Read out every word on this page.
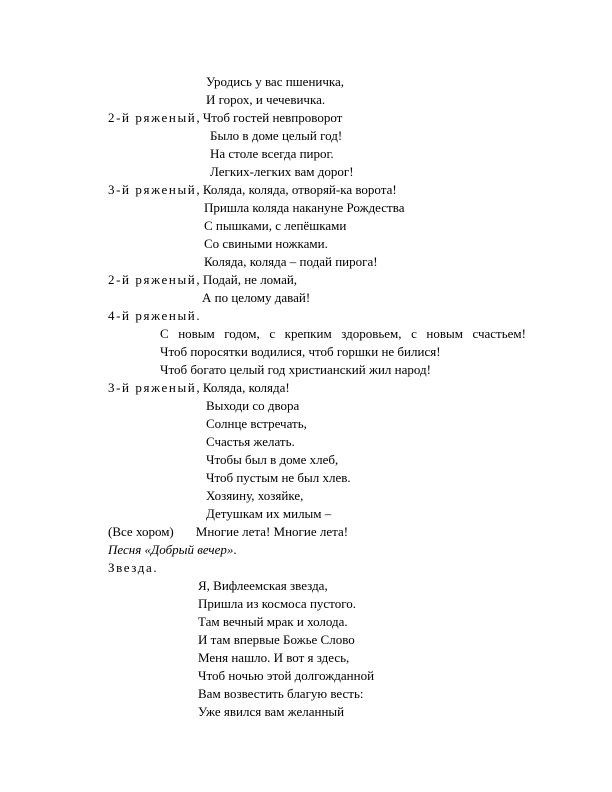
Уродись у вас пшеничка,
И горох, и чечевичка.
2-й ряженый, Чтоб гостей невпроворот
Было в доме целый год!
На столе всегда пирог.
Легких-легких вам дорог!
3-й ряженый, Коляда, коляда, отворяй-ка ворота!
Пришла коляда накануне Рождества
С пышками, с лепёшками
Со свиными ножками.
Коляда, коляда – подай пирога!
2-й ряженый, Подай, не ломай,
А по целому давай!
4-й ряженый.
С новым годом, с крепким здоровьем, с новым счастьем!
Чтоб поросятки водилися, чтоб горшки не билися!
Чтоб богато целый год христианский жил народ!
3-й ряженый, Коляда, коляда!
Выходи со двора
Солнце встречать,
Счастья желать.
Чтобы был в доме хлеб,
Чтоб пустым не был хлев.
Хозяину, хозяйке,
Детушкам их милым –
(Все хором) Многие лета! Многие лета!
Песня «Добрый вечер».
Звезда.
Я, Вифлеемская звезда,
Пришла из космоса пустого.
Там вечный мрак и холода.
И там впервые Божье Слово
Меня нашло. И вот я здесь,
Чтоб ночью этой долгожданной
Вам возвестить благую весть:
Уже явился вам желанный
